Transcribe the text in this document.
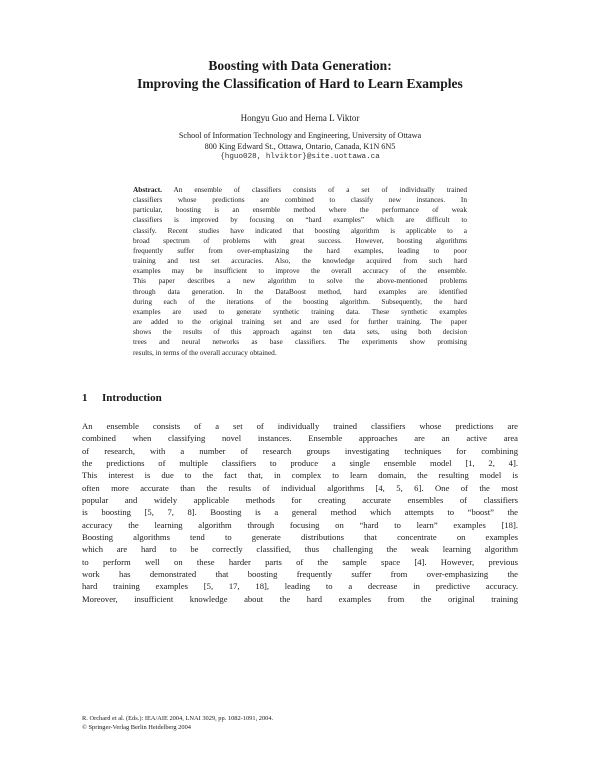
Boosting with Data Generation:
Improving the Classification of Hard to Learn Examples
Hongyu Guo and Herna L Viktor
School of Information Technology and Engineering, University of Ottawa
800 King Edward St., Ottawa, Ontario, Canada, K1N 6N5
{hguo028, hlviktor}@site.uottawa.ca
Abstract. An ensemble of classifiers consists of a set of individually trained
classifiers whose predictions are combined to classify new instances. In
particular, boosting is an ensemble method where the performance of weak
classifiers is improved by focusing on “hard examples” which are difficult to
classify. Recent studies have indicated that boosting algorithm is applicable to a
broad spectrum of problems with great success. However, boosting algorithms
frequently suffer from over-emphasizing the hard examples, leading to poor
training and test set accuracies. Also, the knowledge acquired from such hard
examples may be insufficient to improve the overall accuracy of the ensemble.
This paper describes a new algorithm to solve the above-mentioned problems
through data generation. In the DataBoost method, hard examples are identified
during each of the iterations of the boosting algorithm. Subsequently, the hard
examples are used to generate synthetic training data. These synthetic examples
are added to the original training set and are used for further training. The paper
shows the results of this approach against ten data sets, using both decision
trees and neural networks as base classifiers. The experiments show promising
results, in terms of the overall accuracy obtained.
1 Introduction
An ensemble consists of a set of individually trained classifiers whose predictions are
combined when classifying novel instances. Ensemble approaches are an active area
of research, with a number of research groups investigating techniques for combining
the predictions of multiple classifiers to produce a single ensemble model [1, 2, 4].
This interest is due to the fact that, in complex to learn domain, the resulting model is
often more accurate than the results of individual algorithms [4, 5, 6]. One of the most
popular and widely applicable methods for creating accurate ensembles of classifiers
is boosting [5, 7, 8]. Boosting is a general method which attempts to “boost” the
accuracy the learning algorithm through focusing on “hard to learn” examples [18].
Boosting algorithms tend to generate distributions that concentrate on examples
which are hard to be correctly classified, thus challenging the weak learning algorithm
to perform well on these harder parts of the sample space [4]. However, previous
work has demonstrated that boosting frequently suffer from over-emphasizing the
hard training examples [5, 17, 18], leading to a decrease in predictive accuracy.
Moreover, insufficient knowledge about the hard examples from the original training
R. Orchard et al. (Eds.): IEA/AIE 2004, LNAI 3029, pp. 1082-1091, 2004.
© Springer-Verlag Berlin Heidelberg 2004
